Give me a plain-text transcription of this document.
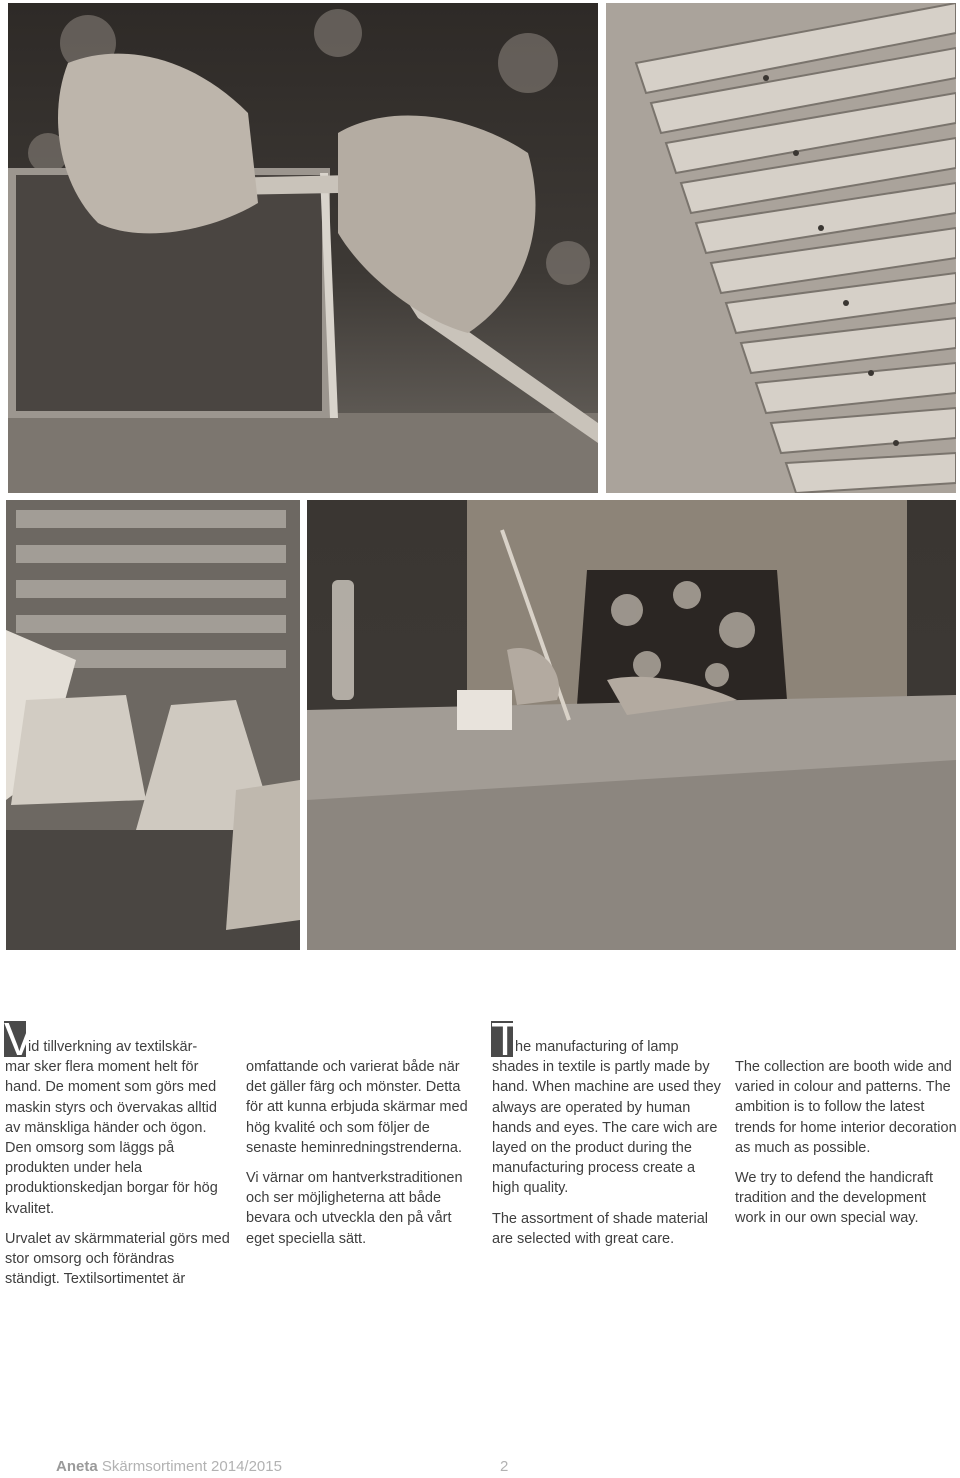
V
id tillverkning av textilskär-
mar sker flera moment helt för hand. De moment som görs med maskin styrs och övervakas alltid av mänskliga händer och ögon. Den omsorg som läggs på produkten under hela produktionskedjan borgar för hög kvalitet.

Urvalet av skärmmaterial görs med stor omsorg och förändras ständigt. Textilsortimentet är

omfattande och varierat både när det gäller färg och mönster. Detta för att kunna erbjuda skärmar med hög kvalité och som följer de senaste heminredningstrenderna.

Vi värnar om hantverkstraditionen och ser möjligheterna att både bevara och utveckla den på vårt eget speciella sätt.

T
he manufacturing of lamp
shades in textile is partly made by hand. When machine are used they always are operated by human hands and eyes. The care wich are layed on the product during the manufacturing process create a high quality.

The assortment of shade material are selected with great care.

The collection are booth wide and varied in colour and patterns. The ambition is to follow the latest trends for home interior decoration as much as possible.

We try to defend the handicraft tradition and the development work in our own special way.

Aneta Skärmsortiment 2014/2015	2
